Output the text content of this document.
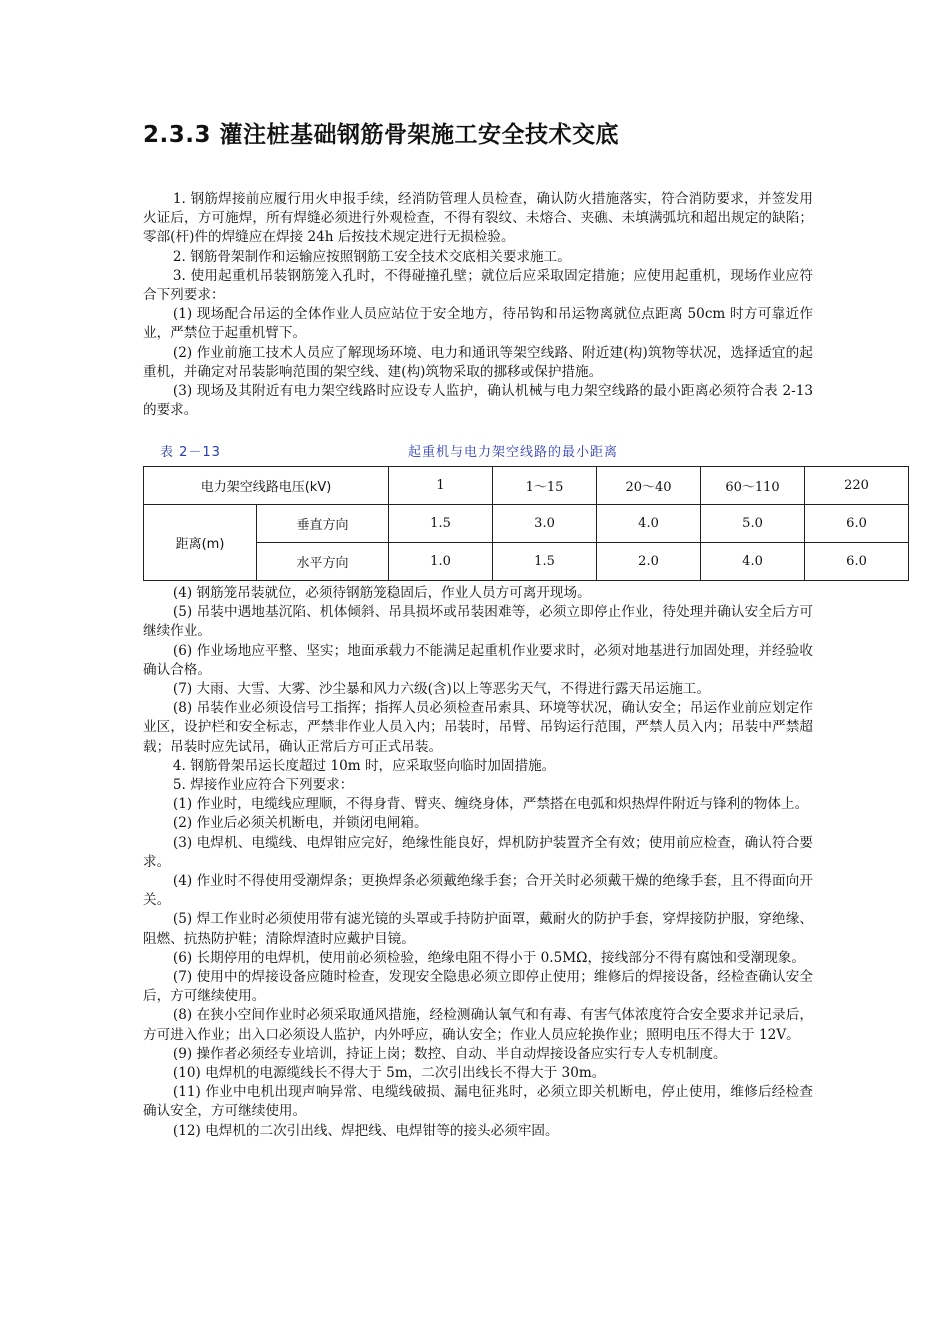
2.3.3 灌注桩基础钢筋骨架施工安全技术交底

1. 钢筋焊接前应履行用火申报手续，经消防管理人员检查，确认防火措施落实，符合消防要求，并签发用火证后，方可施焊，所有焊缝必须进行外观检查，不得有裂纹、未熔合、夹礁、未填满弧坑和超出规定的缺陷；零部(杆)件的焊缝应在焊接 24h 后按技术规定进行无损检验。

2. 钢筋骨架制作和运输应按照钢筋工安全技术交底相关要求施工。

3. 使用起重机吊装钢筋笼入孔时，不得碰撞孔壁；就位后应采取固定措施；应使用起重机，现场作业应符合下列要求：

(1) 现场配合吊运的全体作业人员应站位于安全地方，待吊钩和吊运物离就位点距离 50cm 时方可靠近作业，严禁位于起重机臂下。

(2) 作业前施工技术人员应了解现场环境、电力和通讯等架空线路、附近建(构)筑物等状况，选择适宜的起重机，并确定对吊装影响范围的架空线、建(构)筑物采取的挪移或保护措施。

(3) 现场及其附近有电力架空线路时应设专人监护，确认机械与电力架空线路的最小距离必须符合表 2-13 的要求。

表 2－13	起重机与电力架空线路的最小距离
电力架空线路电压(kV)		1	1～15	20～40	60～110	220
距离(m)	垂直方向	1.5	3.0	4.0	5.0	6.0
	水平方向	1.0	1.5	2.0	4.0	6.0

(4) 钢筋笼吊装就位，必须待钢筋笼稳固后，作业人员方可离开现场。

(5) 吊装中遇地基沉陷、机体倾斜、吊具损坏或吊装困难等，必须立即停止作业，待处理并确认安全后方可继续作业。

(6) 作业场地应平整、坚实；地面承载力不能满足起重机作业要求时，必须对地基进行加固处理，并经验收确认合格。

(7) 大雨、大雪、大雾、沙尘暴和风力六级(含)以上等恶劣天气，不得进行露天吊运施工。

(8) 吊装作业必须设信号工指挥；指挥人员必须检查吊索具、环境等状况，确认安全；吊运作业前应划定作业区，设护栏和安全标志，严禁非作业人员入内；吊装时，吊臂、吊钩运行范围，严禁人员入内；吊装中严禁超载；吊装时应先试吊，确认正常后方可正式吊装。

4. 钢筋骨架吊运长度超过 10m 时，应采取竖向临时加固措施。

5. 焊接作业应符合下列要求：

(1) 作业时，电缆线应理顺，不得身背、臂夹、缠绕身体，严禁搭在电弧和炽热焊件附近与锋利的物体上。

(2) 作业后必须关机断电，并锁闭电闸箱。

(3) 电焊机、电缆线、电焊钳应完好，绝缘性能良好，焊机防护装置齐全有效；使用前应检查，确认符合要求。

(4) 作业时不得使用受潮焊条；更换焊条必须戴绝缘手套；合开关时必须戴干燥的绝缘手套，且不得面向开关。

(5) 焊工作业时必须使用带有滤光镜的头罩或手持防护面罩，戴耐火的防护手套，穿焊接防护服，穿绝缘、阻燃、抗热防护鞋；清除焊渣时应戴护目镜。

(6) 长期停用的电焊机，使用前必须检验，绝缘电阻不得小于 0.5MΩ，接线部分不得有腐蚀和受潮现象。

(7) 使用中的焊接设备应随时检查，发现安全隐患必须立即停止使用；维修后的焊接设备，经检查确认安全后，方可继续使用。

(8) 在狭小空间作业时必须采取通风措施，经检测确认氧气和有毒、有害气体浓度符合安全要求并记录后，方可进入作业；出入口必须设人监护，内外呼应，确认安全；作业人员应轮换作业；照明电压不得大于 12V。

(9) 操作者必须经专业培训，持证上岗；数控、自动、半自动焊接设备应实行专人专机制度。

(10) 电焊机的电源缆线长不得大于 5m，二次引出线长不得大于 30m。

(11) 作业中电机出现声响异常、电缆线破损、漏电征兆时，必须立即关机断电，停止使用，维修后经检查确认安全，方可继续使用。

(12) 电焊机的二次引出线、焊把线、电焊钳等的接头必须牢固。
